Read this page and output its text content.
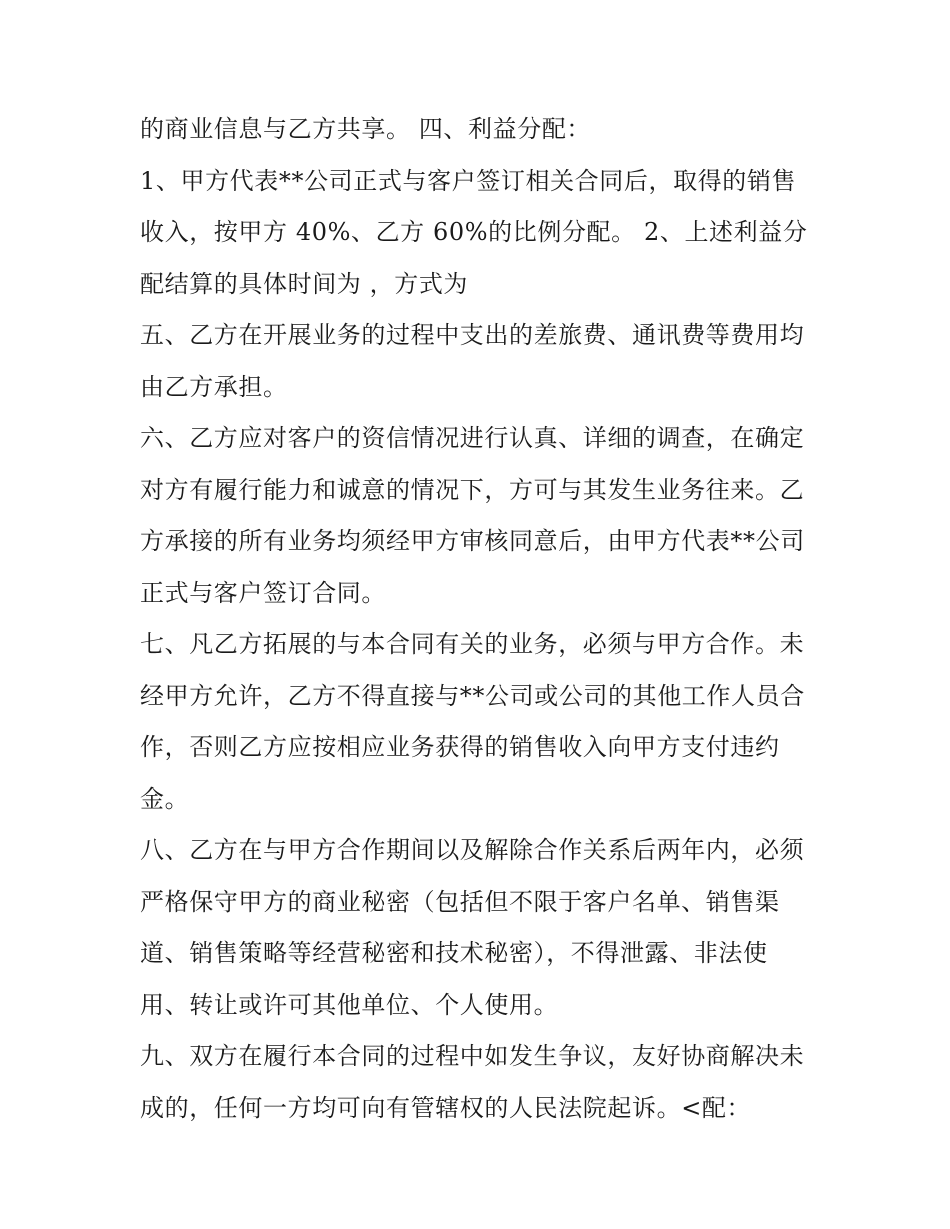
的商业信息与乙方共享。 四、利益分配：
1、甲方代表**公司正式与客户签订相关合同后，取得的销售
收入，按甲方 40%、乙方 60%的比例分配。 2、上述利益分
配结算的具体时间为 ，方式为
五、乙方在开展业务的过程中支出的差旅费、通讯费等费用均
由乙方承担。
六、乙方应对客户的资信情况进行认真、详细的调查，在确定
对方有履行能力和诚意的情况下，方可与其发生业务往来。乙
方承接的所有业务均须经甲方审核同意后，由甲方代表**公司
正式与客户签订合同。
七、凡乙方拓展的与本合同有关的业务，必须与甲方合作。未
经甲方允许，乙方不得直接与**公司或公司的其他工作人员合
作，否则乙方应按相应业务获得的销售收入向甲方支付违约
金。
八、乙方在与甲方合作期间以及解除合作关系后两年内，必须
严格保守甲方的商业秘密（包括但不限于客户名单、销售渠
道、销售策略等经营秘密和技术秘密），不得泄露、非法使
用、转让或许可其他单位、个人使用。
九、双方在履行本合同的过程中如发生争议，友好协商解决未
成的，任何一方均可向有管辖权的人民法院起诉。<配：
